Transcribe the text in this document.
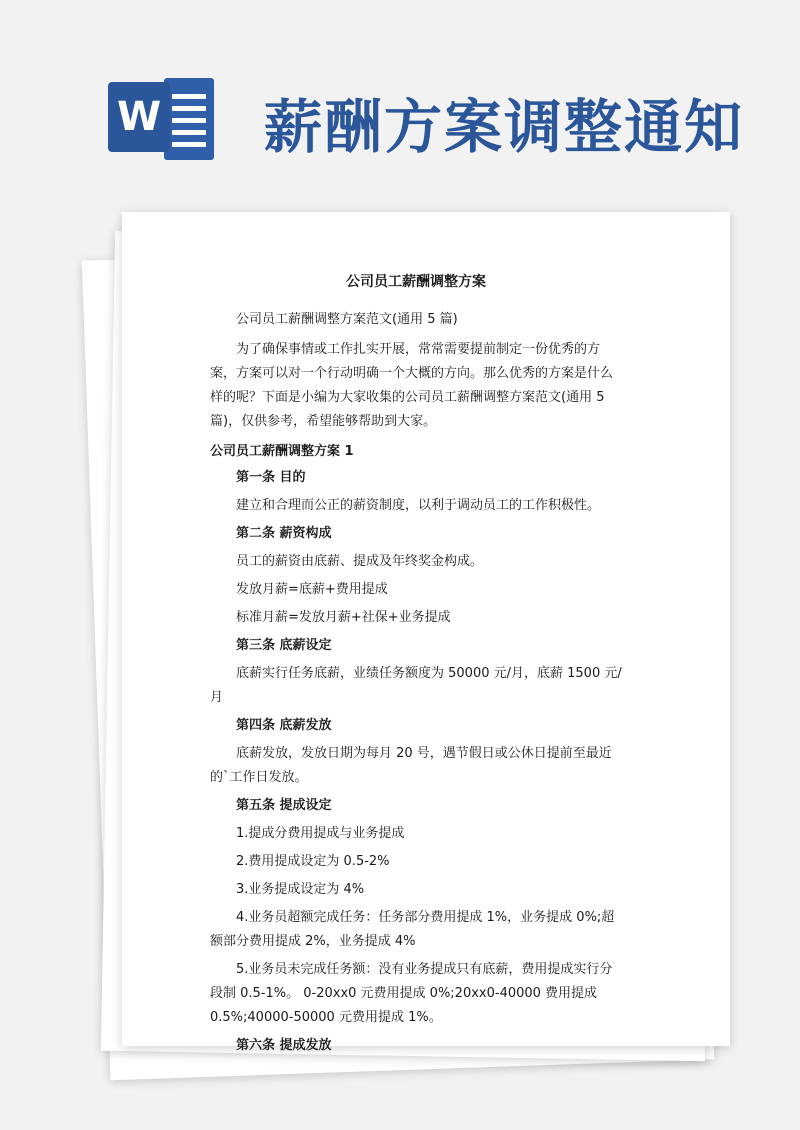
W 薪酬方案调整通知
公司员工薪酬调整方案
公司员工薪酬调整方案范文(通用 5 篇)
为了确保事情或工作扎实开展，常常需要提前制定一份优秀的方案，方案可以对一个行动明确一个大概的方向。那么优秀的方案是什么样的呢？下面是小编为大家收集的公司员工薪酬调整方案范文(通用 5 篇)，仅供参考，希望能够帮助到大家。
公司员工薪酬调整方案 1
第一条 目的
建立和合理而公正的薪资制度，以利于调动员工的工作积极性。
第二条 薪资构成
员工的薪资由底薪、提成及年终奖金构成。
发放月薪=底薪+费用提成
标准月薪=发放月薪+社保+业务提成
第三条 底薪设定
底薪实行任务底薪，业绩任务额度为 50000 元/月，底薪 1500 元/月
第四条 底薪发放
底薪发放，发放日期为每月 20 号，遇节假日或公休日提前至最近的`工作日发放。
第五条 提成设定
1.提成分费用提成与业务提成
2.费用提成设定为 0.5-2%
3.业务提成设定为 4%
4.业务员超额完成任务：任务部分费用提成 1%，业务提成 0%;超额部分费用提成 2%，业务提成 4%
5.业务员未完成任务额：没有业务提成只有底薪，费用提成实行分段制 0.5-1%。 0-20xx0 元费用提成 0%;20xx0-40000 费用提成0.5%;40000-50000 元费用提成 1%。
第六条 提成发放
